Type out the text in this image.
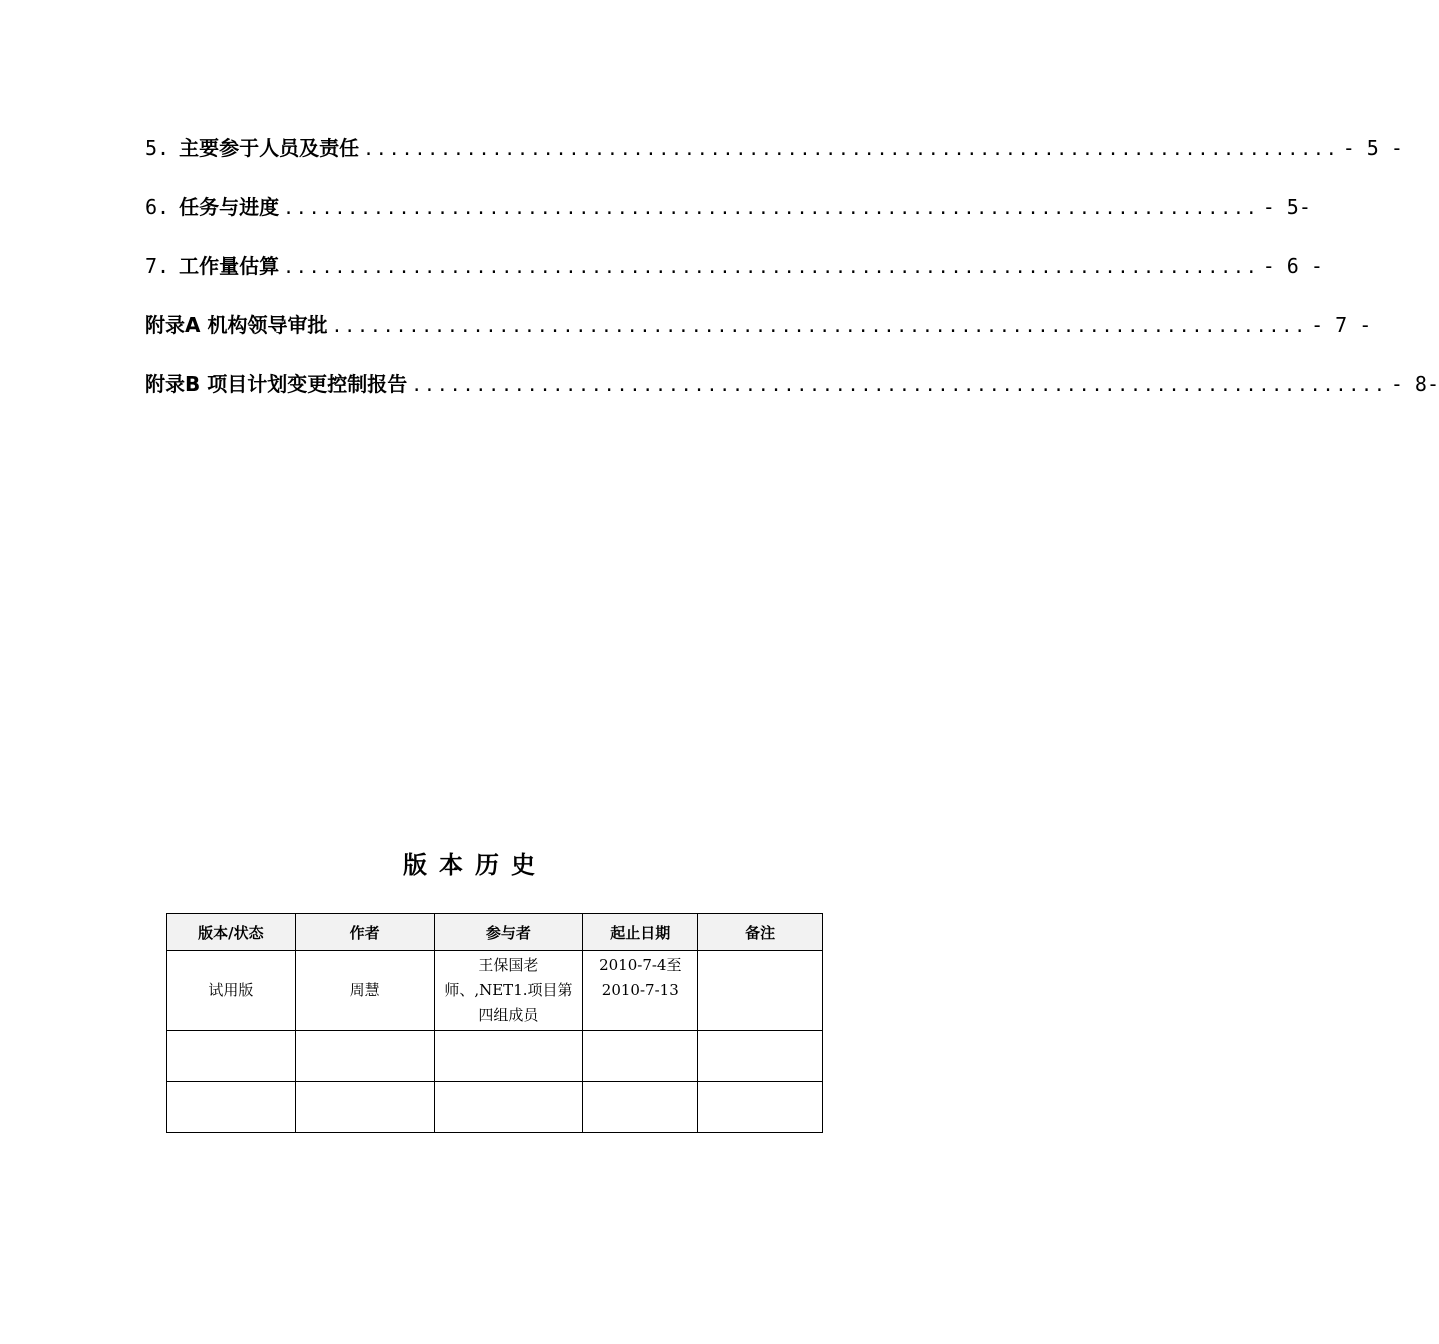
5. 主要参于人员及责任 ............................................................................ - 5 -
6. 任务与进度 ............................................................................ - 5-
7. 工作量估算 ............................................................................ - 6 -
附录A 机构领导审批 ............................................................................ - 7 -
附录B 项目计划变更控制报告 ............................................................................ - 8-
版本历史
版本/状态	作者	参与者	起止日期	备注
试用版	周慧	王保国老师、,NET1.项目第四组成员	2010-7-4至2010-7-13	
